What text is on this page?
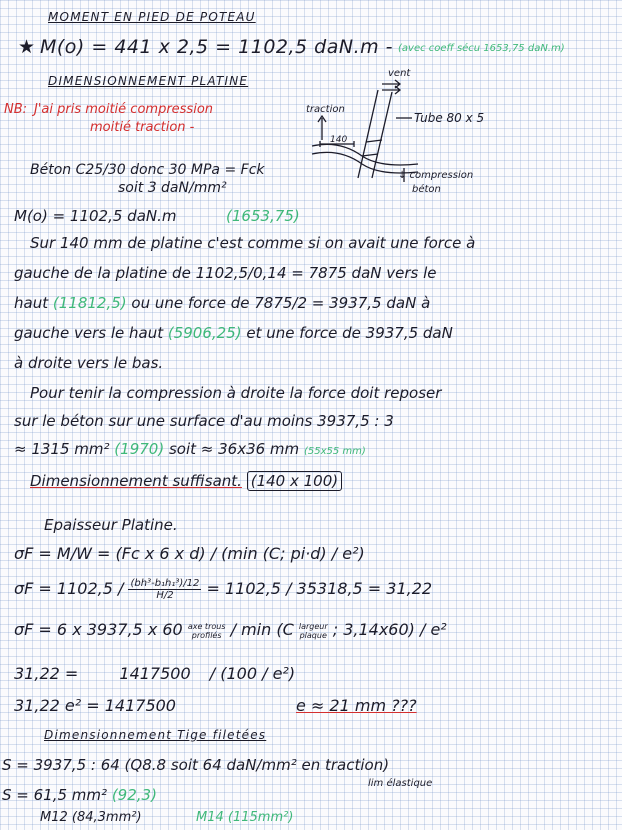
MOMENT EN PIED DE POTEAU
★ M(o) = 441 x 2,5 = 1102,5 daN.m - (avec coeff sécu 1653,75 daN.m)
DIMENSIONNEMENT PLATINE
NB: J'ai pris moitié compression
moitié traction -
vent
traction
Tube 80 x 5
140
↓ compression
béton
Béton C25/30 donc 30 MPa = Fck
soit 3 daN/mm²
M(o) = 1102,5 daN.m	(1653,75)
Sur 140 mm de platine c'est comme si on avait une force à
gauche de la platine de 1102,5/0,14 = 7875 daN vers le
haut (11812,5) ou une force de 7875/2 = 3937,5 daN à
gauche vers le haut (5906,25) et une force de 3937,5 daN
à droite vers le bas.
Pour tenir la compression à droite la force doit reposer
sur le béton sur une surface d'au moins 3937,5 : 3
≈ 1315 mm² (1970) soit ≈ 36x36 mm (55x55 mm)
Dimensionnement suffisant. (140 x 100)
Epaisseur Platine.
σF = M/W = (Fc x 6 x d) / (min (C; pi·d) / e²)
$\sigma F = 1102,5 / \frac{\text{(bh³-b₁h₁³)/12}}{H/2} = 1102,5 / 35318,5 = 31,22$
σF = 6 x 3937,5 x 60 axe trous
profilés / min (C largeur
plaque ; 3,14x60) / e²
31,22 =	1417500 / (100 / e²)
31,22 e² = 1417500	e ≈ 21 mm ???
Dimensionnement Tige filetées
S = 3937,5 : 64 (Q8.8 soit 64 daN/mm² en traction)
lim élastique
S = 61,5 mm² (92,3)
M12 (84,3mm²)	M14 (115mm²)
